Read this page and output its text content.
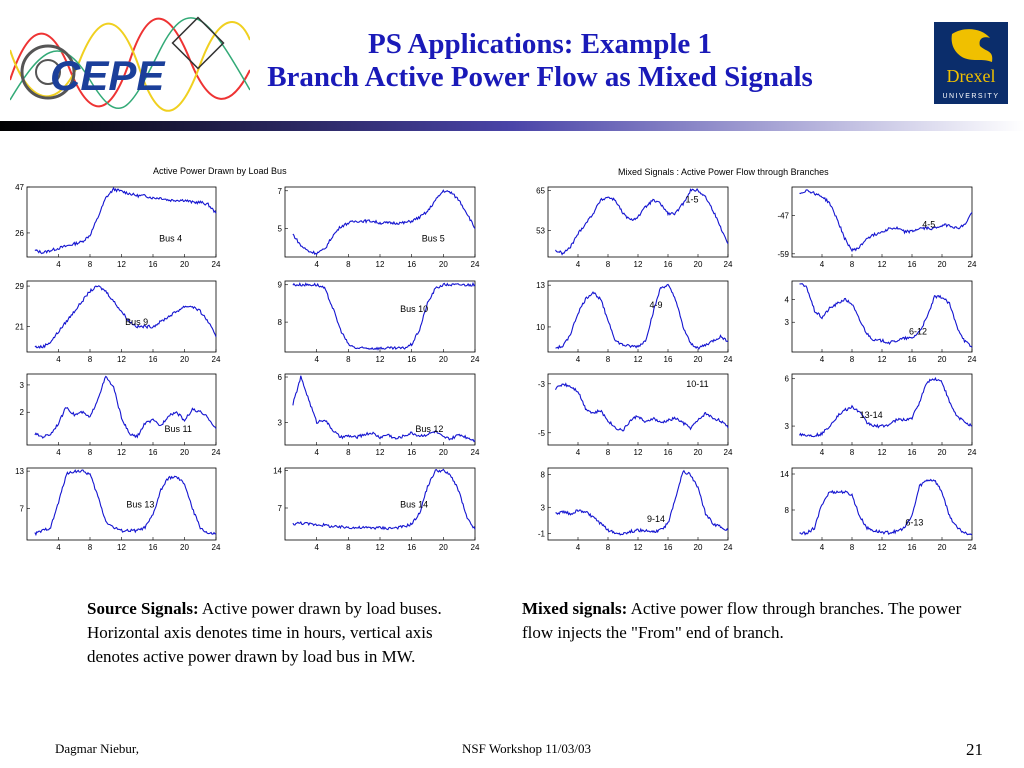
CEPE
PS Applications: Example 1
Branch Active Power Flow as Mixed Signals	Drexel
UNIVERSITY
Active Power Drawn by Load Bus	Mixed Signals : Active Power Flow through Branches
4	8	12	16	20	24
47
26
Bus 4
4	8	12	16	20	24
7
5
Bus 5
4	8	12	16	20	24
65
53
1-5
4	8	12	16	20	24
-47
-59
4-5
4	8	12	16	20	24
29
21
Bus 9
4	8	12	16	20	24
9
8
Bus 10
4	8	12	16	20	24
13
10
4-9
4	8	12	16	20	24
4
3
6-12
4	8	12	16	20	24
3
2
Bus 11
4	8	12	16	20	24
6
3
Bus 12
4	8	12	16	20	24
-3
-5
10-11
4	8	12	16	20	24
6
3
13-14
4	8	12	16	20	24
13
7	Bus 13
4	8	12	16	20	24
14
7	Bus 14
4	8	12	16	20	24
8
3
-1
9-14
4	8	12	16	20	24
14
8
6-13
Source Signals: Active power drawn by load buses. Horizontal axis denotes time in hours, vertical axis denotes active power drawn by load bus in MW.
Mixed signals: Active power flow through branches. The power flow injects the "From" end of branch.
Dagmar Niebur,	NSF Workshop 11/03/03	21
